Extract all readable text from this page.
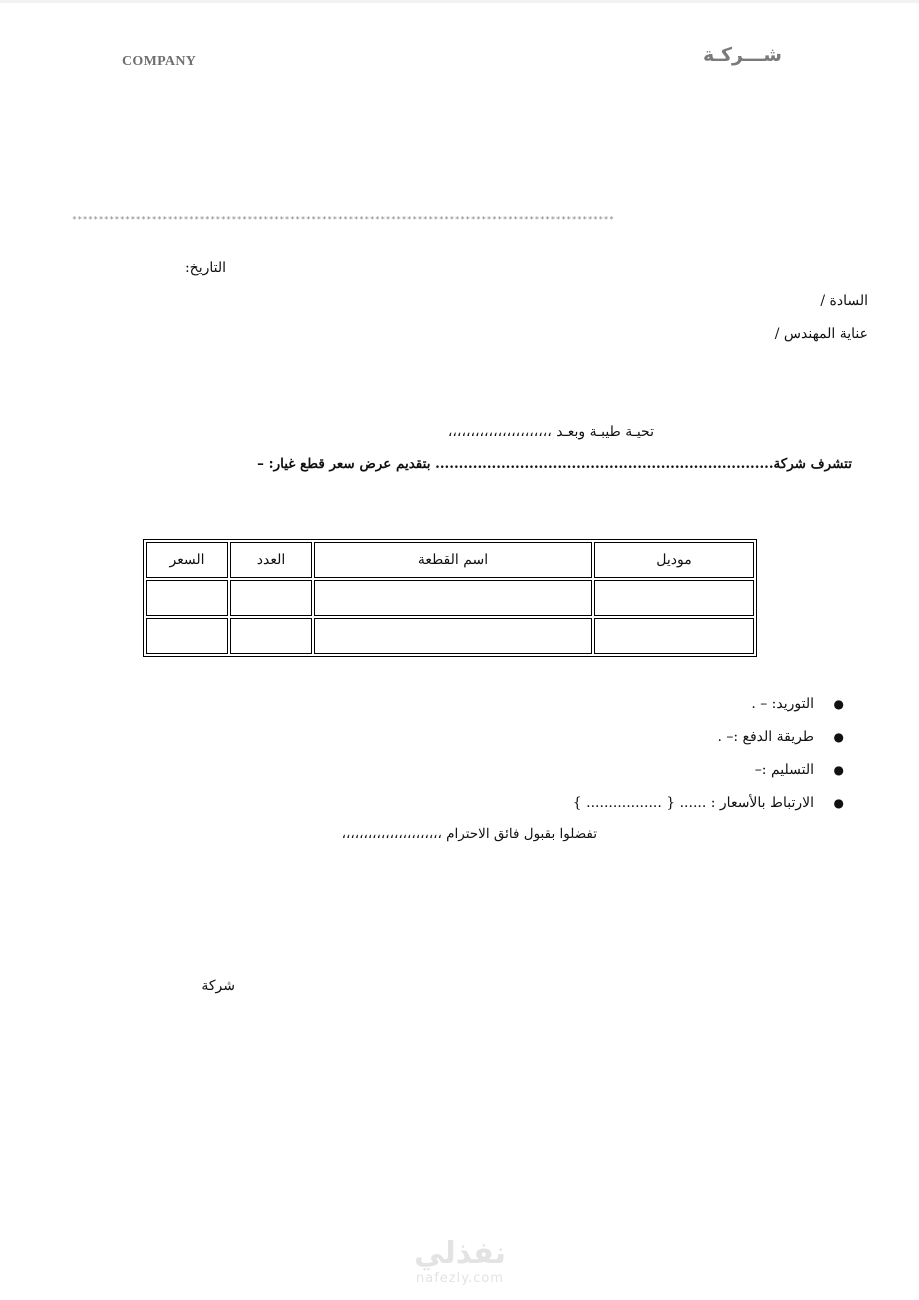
COMPANY	شـــركـة
******************************************************************************************************
التاريخ:
السادة /
عناية المهندس /
تحيـة طيبـة وبعـد ،،،،،،،،،،،،،،،،،،،،،،،
تتشرف شركة........................................................................ بتقديم عرض سعر قطع غيار: –
موديل	اسم القطعة	العدد	السعر

●
التوريد: – .
●
طريقة الدفع :– .
●
التسليم :–
●
الارتباط بالأسعار : ...... { ................. }
تفضلوا بقبول فائق الاحترام ،،،،،،،،،،،،،،،،،،،،،،،
شركة
نفذلي
nafezly.com
